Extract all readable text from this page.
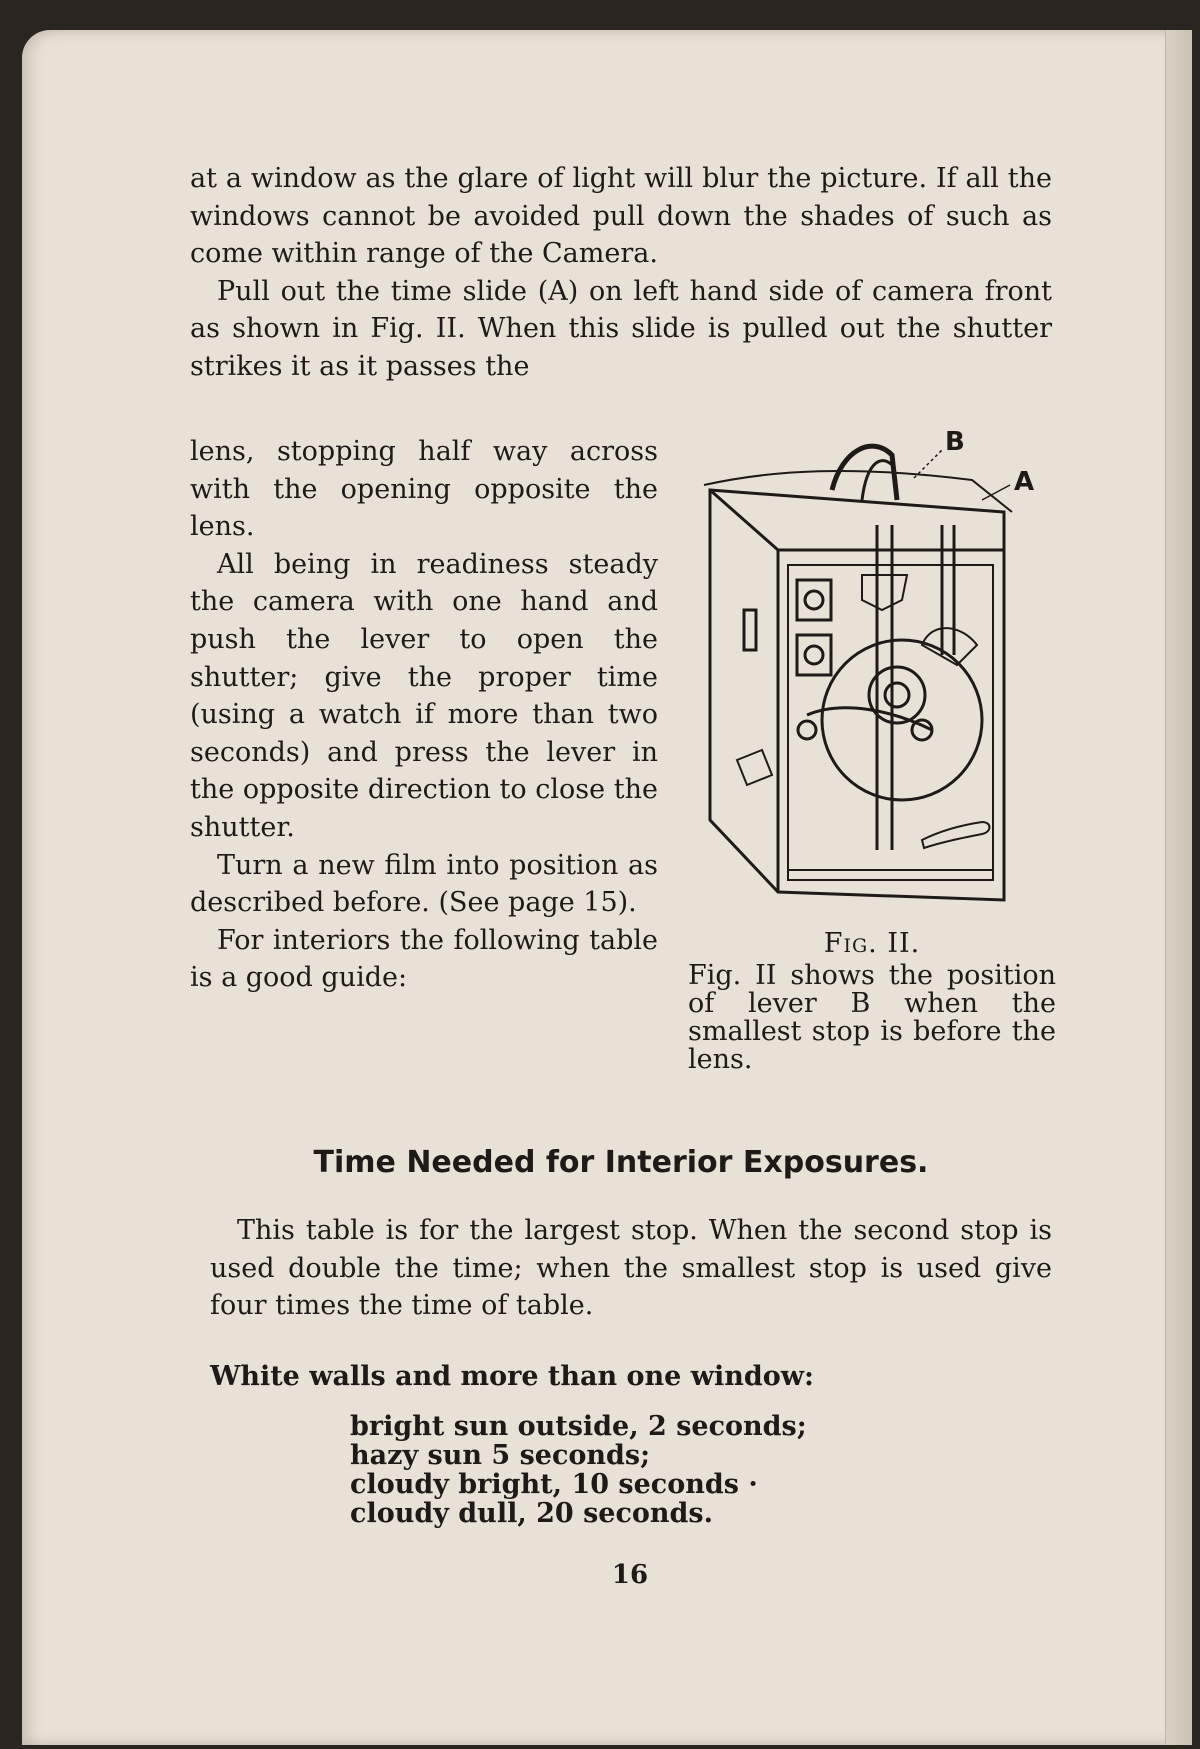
at a window as the glare of light will blur the picture. If all the windows cannot be avoided pull down the shades of such as come within range of the Camera.

Pull out the time slide (A) on left hand side of camera front as shown in Fig. II. When this slide is pulled out the shutter strikes it as it passes the

lens, stopping half way across with the opening opposite the lens.

All being in readiness steady the camera with one hand and push the lever to open the shutter; give the proper time (using a watch if more than two seconds) and press the lever in the opposite direction to close the shutter.

Turn a new film into position as described before. (See page 15).

For interiors the following table is a good guide:

B
A
Fig. II.
Fig. II shows the position of lever B when the smallest stop is before the lens.
Time Needed for Interior Exposures.

This table is for the largest stop. When the second stop is used double the time; when the smallest stop is used give four times the time of table.

White walls and more than one window:
bright sun outside, 2 seconds;
hazy sun 5 seconds;
cloudy bright, 10 seconds ·
cloudy dull, 20 seconds.
16
